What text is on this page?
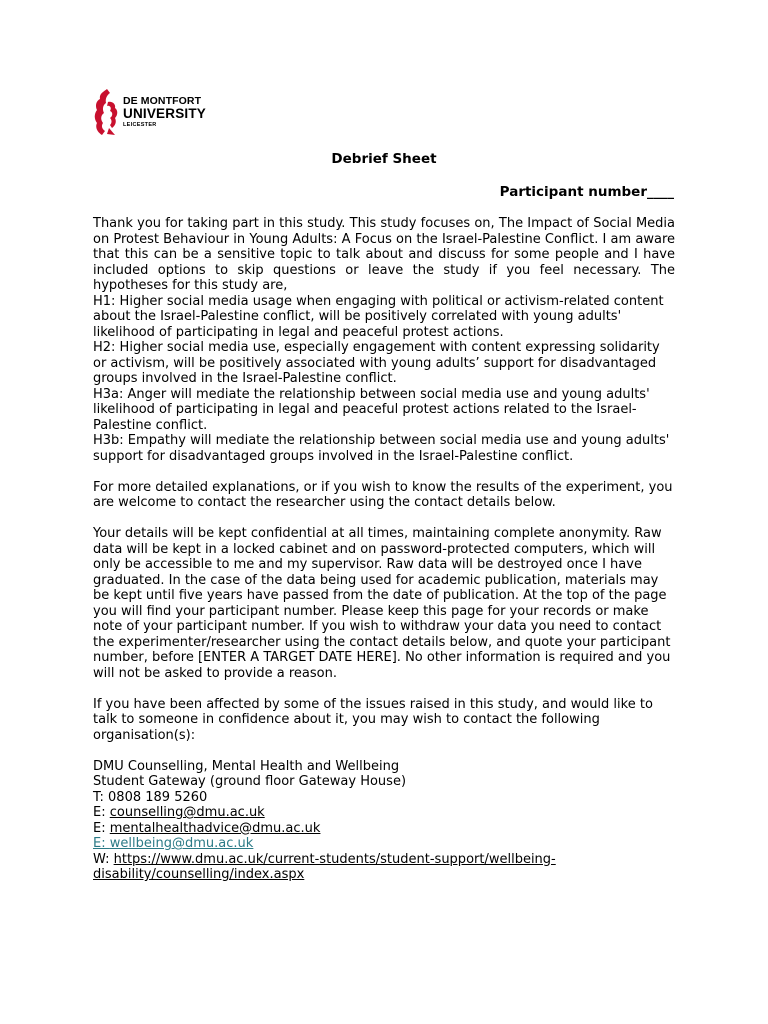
DE MONTFORT
UNIVERSITY
LEICESTER
Debrief Sheet
Participant number____

Thank you for taking part in this study. This study focuses on, The Impact of Social Media on Protest Behaviour in Young Adults: A Focus on the Israel-Palestine Conflict. I am aware that this can be a sensitive topic to talk about and discuss for some people and I have included options to skip questions or leave the study if you feel necessary. The hypotheses for this study are,

H1: Higher social media usage when engaging with political or activism-related content about the Israel-Palestine conflict, will be positively correlated with young adults' likelihood of participating in legal and peaceful protest actions.

H2: Higher social media use, especially engagement with content expressing solidarity or activism, will be positively associated with young adults’ support for disadvantaged groups involved in the Israel-Palestine conflict.

H3a: Anger will mediate the relationship between social media use and young adults' likelihood of participating in legal and peaceful protest actions related to the Israel-Palestine conflict.

H3b: Empathy will mediate the relationship between social media use and young adults' support for disadvantaged groups involved in the Israel-Palestine conflict.

For more detailed explanations, or if you wish to know the results of the experiment, you are welcome to contact the researcher using the contact details below.

Your details will be kept confidential at all times, maintaining complete anonymity. Raw data will be kept in a locked cabinet and on password-protected computers, which will only be accessible to me and my supervisor. Raw data will be destroyed once I have graduated. In the case of the data being used for academic publication, materials may be kept until five years have passed from the date of publication. At the top of the page you will find your participant number. Please keep this page for your records or make note of your participant number. If you wish to withdraw your data you need to contact the experimenter/researcher using the contact details below, and quote your participant number, before [ENTER A TARGET DATE HERE]. No other information is required and you will not be asked to provide a reason.

If you have been affected by some of the issues raised in this study, and would like to talk to someone in confidence about it, you may wish to contact the following organisation(s):

DMU Counselling, Mental Health and Wellbeing
Student Gateway (ground floor Gateway House)
T: 0808 189 5260
E: counselling@dmu.ac.uk
E: mentalhealthadvice@dmu.ac.uk
E: wellbeing@dmu.ac.uk
W: https://www.dmu.ac.uk/current-students/student-support/wellbeing-
disability/counselling/index.aspx
